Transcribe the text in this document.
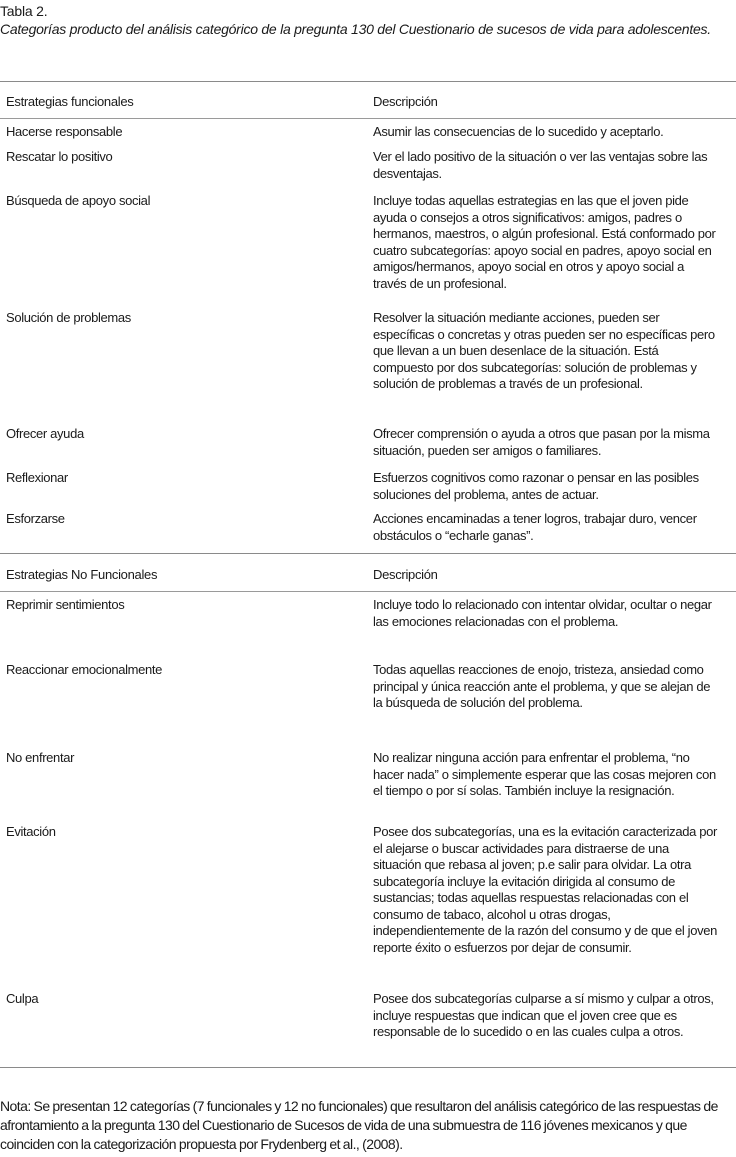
Tabla 2.

Categorías producto del análisis categórico de la pregunta 130 del Cuestionario de sucesos de vida para adolescentes.

Estrategias funcionales	Descripción
Hacerse responsable	Asumir las consecuencias de lo sucedido y aceptarlo.
Rescatar lo positivo	Ver el lado positivo de la situación o ver las ventajas sobre las desventajas.
Búsqueda de apoyo social	Incluye todas aquellas estrategias en las que el joven pide ayuda o consejos a otros significativos: amigos, padres o hermanos, maestros, o algún profesional. Está conformado por cuatro subcategorías: apoyo social en padres, apoyo social en amigos/hermanos, apoyo social en otros y apoyo social a través de un profesional.
Solución de problemas	Resolver la situación mediante acciones, pueden ser específicas o concretas y otras pueden ser no específicas pero que llevan a un buen desenlace de la situación. Está compuesto por dos subcategorías: solución de problemas y solución de problemas a través de un profesional.
Ofrecer ayuda	Ofrecer comprensión o ayuda a otros que pasan por la misma situación, pueden ser amigos o familiares.
Reflexionar	Esfuerzos cognitivos como razonar o pensar en las posibles soluciones del problema, antes de actuar.
Esforzarse	Acciones encaminadas a tener logros, trabajar duro, vencer obstáculos o “echarle ganas”.
Estrategias No Funcionales	Descripción
Reprimir sentimientos	Incluye todo lo relacionado con intentar olvidar, ocultar o negar las emociones relacionadas con el problema.
Reaccionar emocionalmente	Todas aquellas reacciones de enojo, tristeza, ansiedad como principal y única reacción ante el problema, y que se alejan de la búsqueda de solución del problema.
No enfrentar	No realizar ninguna acción para enfrentar el problema, “no hacer nada” o simplemente esperar que las cosas mejoren con el tiempo o por sí solas. También incluye la resignación.
Evitación	Posee dos subcategorías, una es la evitación caracterizada por el alejarse o buscar actividades para distraerse de una situación que rebasa al joven; p.e salir para olvidar. La otra subcategoría incluye la evitación dirigida al consumo de sustancias; todas aquellas respuestas relacionadas con el consumo de tabaco, alcohol u otras drogas, independientemente de la razón del consumo y de que el joven reporte éxito o esfuerzos por dejar de consumir.
Culpa	Posee dos subcategorías culparse a sí mismo y culpar a otros, incluye respuestas que indican que el joven cree que es responsable de lo sucedido o en las cuales culpa a otros.
Nota: Se presentan 12 categorías (7 funcionales y 12 no funcionales) que resultaron del análisis categórico de las respuestas de afrontamiento a la pregunta 130 del Cuestionario de Sucesos de vida de una submuestra de 116 jóvenes mexicanos y que coinciden con la categorización propuesta por Frydenberg et al., (2008).
